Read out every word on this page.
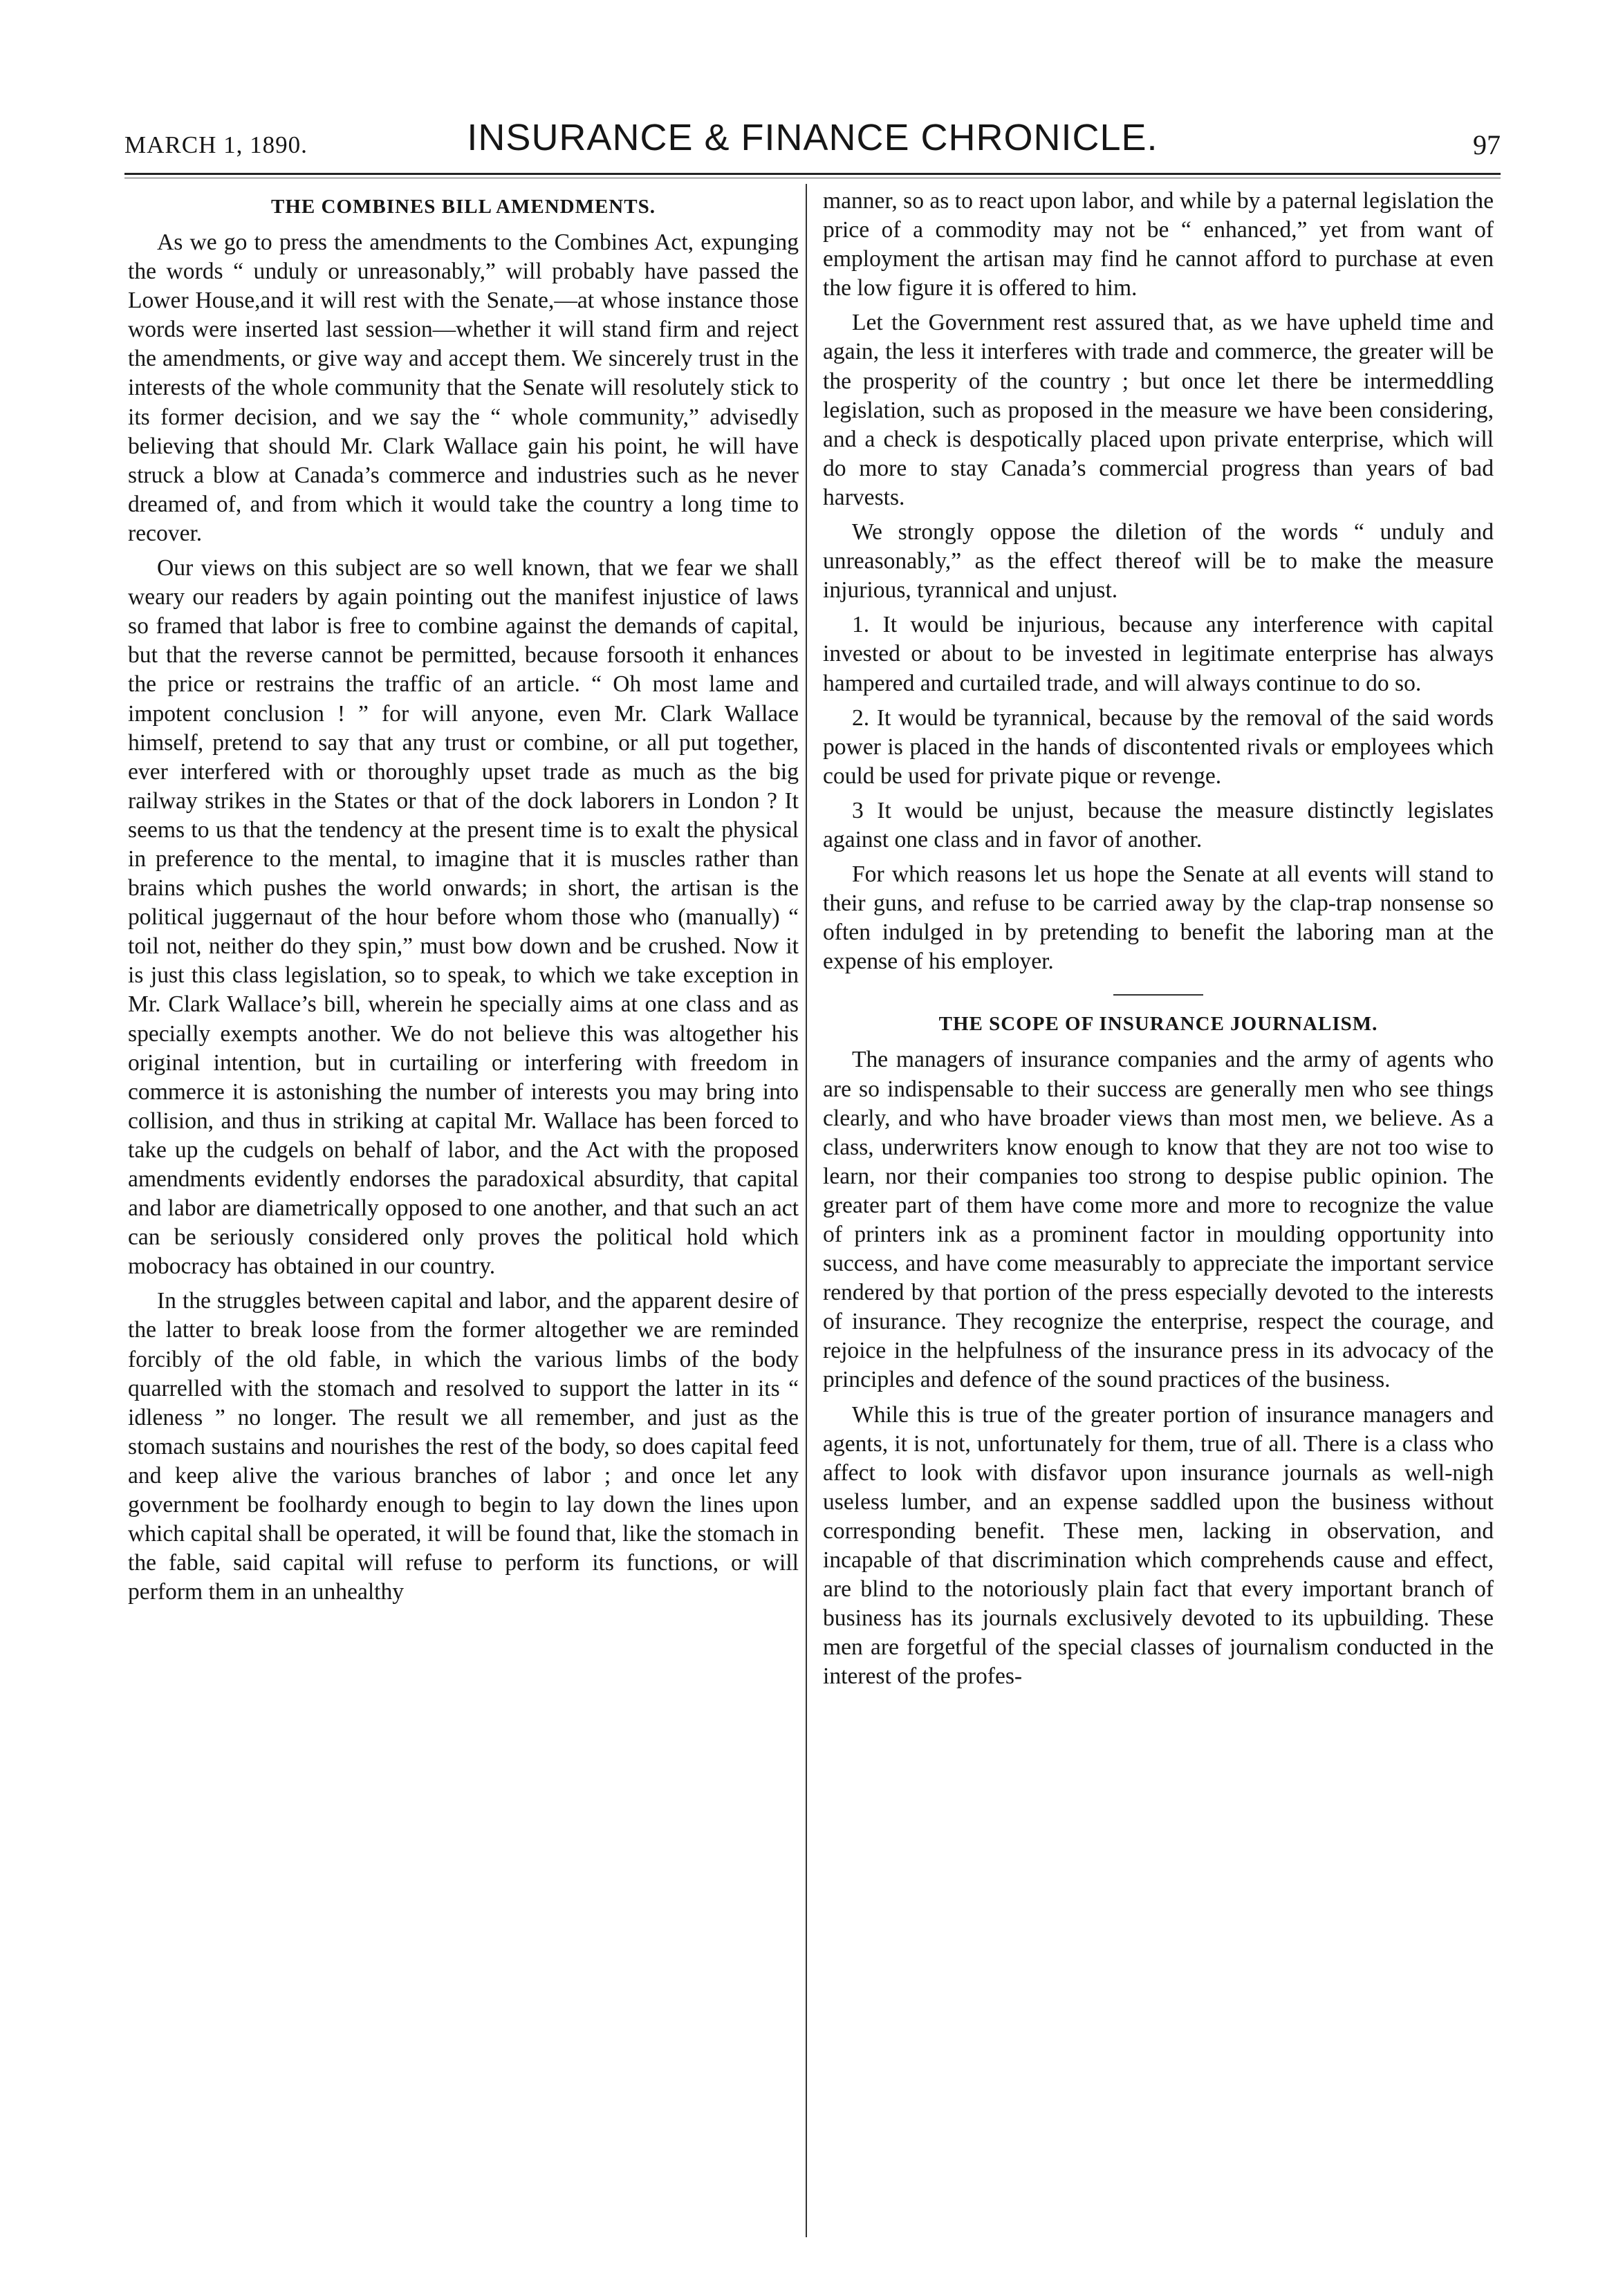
MARCH 1, 1890.	INSURANCE & FINANCE CHRONICLE.	97
THE COMBINES BILL AMENDMENTS.

As we go to press the amendments to the Combines Act, expunging the words “ unduly or unreasonably,” will probably have passed the Lower House,and it will rest with the Senate,—at whose instance those words were inserted last session—whether it will stand firm and reject the amendments, or give way and accept them. We sincerely trust in the interests of the whole community that the Senate will resolutely stick to its former decision, and we say the “ whole community,” advisedly believing that should Mr. Clark Wallace gain his point, he will have struck a blow at Canada’s commerce and industries such as he never dreamed of, and from which it would take the country a long time to recover.

Our views on this subject are so well known, that we fear we shall weary our readers by again pointing out the manifest injustice of laws so framed that labor is free to combine against the demands of capital, but that the reverse cannot be permitted, because forsooth it enhances the price or restrains the traffic of an article. “ Oh most lame and impotent conclusion ! ” for will anyone, even Mr. Clark Wallace himself, pretend to say that any trust or combine, or all put together, ever interfered with or thoroughly upset trade as much as the big railway strikes in the States or that of the dock laborers in London ? It seems to us that the tendency at the present time is to exalt the physical in preference to the mental, to imagine that it is muscles rather than brains which pushes the world onwards; in short, the artisan is the political juggernaut of the hour before whom those who (manually) “ toil not, neither do they spin,” must bow down and be crushed. Now it is just this class legislation, so to speak, to which we take exception in Mr. Clark Wallace’s bill, wherein he specially aims at one class and as specially exempts another. We do not believe this was altogether his original intention, but in curtailing or interfering with freedom in commerce it is astonishing the number of interests you may bring into collision, and thus in striking at capital Mr. Wallace has been forced to take up the cudgels on behalf of labor, and the Act with the proposed amendments evidently endorses the paradoxical absurdity, that capital and labor are diametrically opposed to one another, and that such an act can be seriously considered only proves the political hold which mobocracy has obtained in our country.

In the struggles between capital and labor, and the apparent desire of the latter to break loose from the former altogether we are reminded forcibly of the old fable, in which the various limbs of the body quarrelled with the stomach and resolved to support the latter in its “ idleness ” no longer. The result we all remember, and just as the stomach sustains and nourishes the rest of the body, so does capital feed and keep alive the various branches of labor ; and once let any government be foolhardy enough to begin to lay down the lines upon which capital shall be operated, it will be found that, like the stomach in the fable, said capital will refuse to perform its functions, or will perform them in an unhealthy

manner, so as to react upon labor, and while by a paternal legislation the price of a commodity may not be “ enhanced,” yet from want of employment the artisan may find he cannot afford to purchase at even the low figure it is offered to him.

Let the Government rest assured that, as we have upheld time and again, the less it interferes with trade and commerce, the greater will be the prosperity of the country ; but once let there be intermeddling legislation, such as proposed in the measure we have been considering, and a check is despotically placed upon private enterprise, which will do more to stay Canada’s commercial progress than years of bad harvests.

We strongly oppose the diletion of the words “ unduly and unreasonably,” as the effect thereof will be to make the measure injurious, tyrannical and unjust.

1. It would be injurious, because any interference with capital invested or about to be invested in legitimate enterprise has always hampered and curtailed trade, and will always continue to do so.

2. It would be tyrannical, because by the removal of the said words power is placed in the hands of discontented rivals or employees which could be used for private pique or revenge.

3 It would be unjust, because the measure distinctly legislates against one class and in favor of another.

For which reasons let us hope the Senate at all events will stand to their guns, and refuse to be carried away by the clap-trap nonsense so often indulged in by pretending to benefit the laboring man at the expense of his employer.

THE SCOPE OF INSURANCE JOURNALISM.

The managers of insurance companies and the army of agents who are so indispensable to their success are generally men who see things clearly, and who have broader views than most men, we believe. As a class, underwriters know enough to know that they are not too wise to learn, nor their companies too strong to despise public opinion. The greater part of them have come more and more to recognize the value of printers ink as a prominent factor in moulding opportunity into success, and have come measurably to appreciate the important service rendered by that portion of the press especially devoted to the interests of insurance. They recognize the enterprise, respect the courage, and rejoice in the helpfulness of the insurance press in its advocacy of the principles and defence of the sound practices of the business.

While this is true of the greater portion of insurance managers and agents, it is not, unfortunately for them, true of all. There is a class who affect to look with disfavor upon insurance journals as well-nigh useless lumber, and an expense saddled upon the business without corresponding benefit. These men, lacking in observation, and incapable of that discrimination which comprehends cause and effect, are blind to the notoriously plain fact that every important branch of business has its journals exclusively devoted to its upbuilding. These men are forgetful of the special classes of journalism conducted in the interest of the profes-
